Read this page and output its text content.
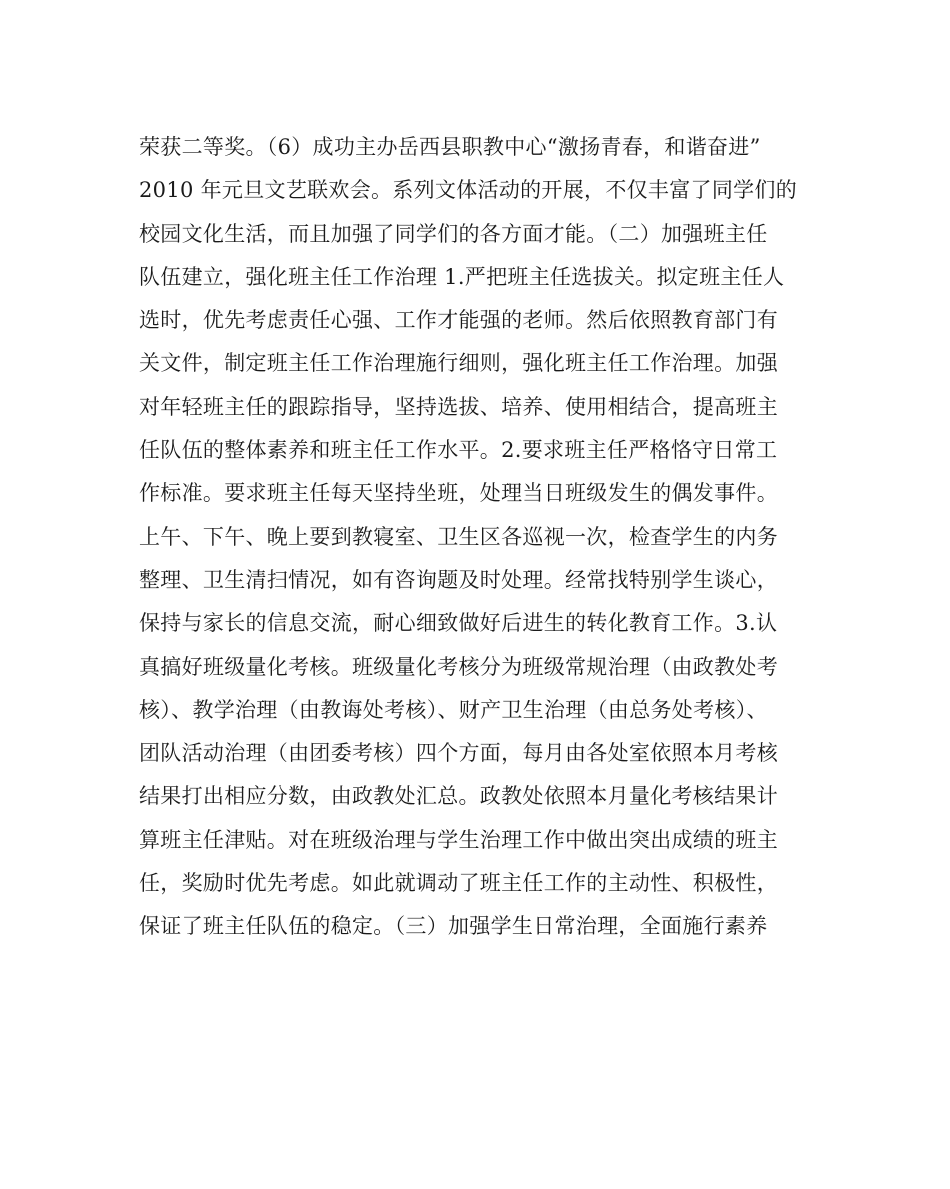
荣获二等奖。（6）成功主办岳西县职教中心“激扬青春，和谐奋进”
2010 年元旦文艺联欢会。系列文体活动的开展，不仅丰富了同学们的
校园文化生活，而且加强了同学们的各方面才能。（二）加强班主任
队伍建立，强化班主任工作治理 1.严把班主任选拔关。拟定班主任人
选时，优先考虑责任心强、工作才能强的老师。然后依照教育部门有
关文件，制定班主任工作治理施行细则，强化班主任工作治理。加强
对年轻班主任的跟踪指导，坚持选拔、培养、使用相结合，提高班主
任队伍的整体素养和班主任工作水平。2.要求班主任严格恪守日常工
作标准。要求班主任每天坚持坐班，处理当日班级发生的偶发事件。
上午、下午、晚上要到教寝室、卫生区各巡视一次，检查学生的内务
整理、卫生清扫情况，如有咨询题及时处理。经常找特别学生谈心，
保持与家长的信息交流，耐心细致做好后进生的转化教育工作。3.认
真搞好班级量化考核。班级量化考核分为班级常规治理（由政教处考
核）、教学治理（由教诲处考核）、财产卫生治理（由总务处考核）、
团队活动治理（由团委考核）四个方面，每月由各处室依照本月考核
结果打出相应分数，由政教处汇总。政教处依照本月量化考核结果计
算班主任津贴。对在班级治理与学生治理工作中做出突出成绩的班主
任，奖励时优先考虑。如此就调动了班主任工作的主动性、积极性，
保证了班主任队伍的稳定。（三）加强学生日常治理，全面施行素养
